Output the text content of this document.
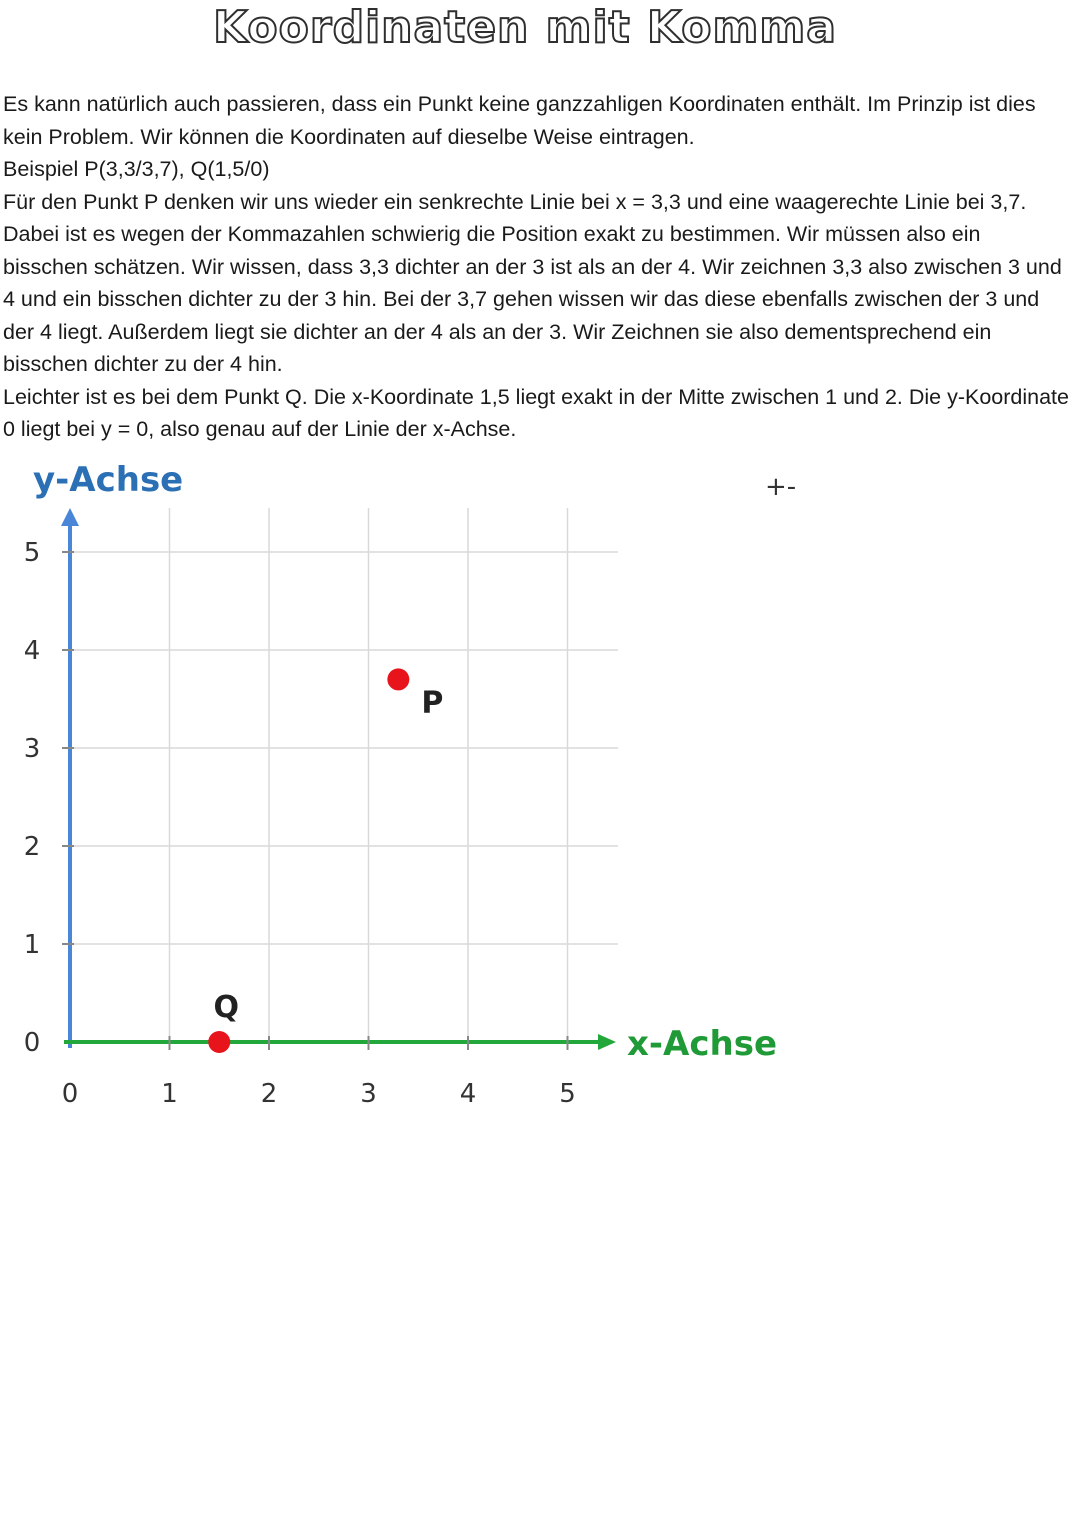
Koordinaten mit Komma

Es kann natürlich auch passieren, dass ein Punkt keine ganzzahligen Koordinaten enthält. Im Prinzip ist dies kein Problem. Wir können die Koordinaten auf dieselbe Weise eintragen.

Beispiel P(3,3/3,7), Q(1,5/0)

Für den Punkt P denken wir uns wieder ein senkrechte Linie bei x = 3,3 und eine waagerechte Linie bei 3,7. Dabei ist es wegen der Kommazahlen schwierig die Position exakt zu bestimmen. Wir müssen also ein bisschen schätzen. Wir wissen, dass 3,3 dichter an der 3 ist als an der 4. Wir zeichnen 3,3 also zwischen 3 und 4 und ein bisschen dichter zu der 3 hin. Bei der 3,7 gehen wissen wir das diese ebenfalls zwischen der 3 und der 4 liegt. Außerdem liegt sie dichter an der 4 als an der 3. Wir Zeichnen sie also dementsprechend ein bisschen dichter zu der 4 hin.

Leichter ist es bei dem Punkt Q. Die x-Koordinate 1,5 liegt exakt in der Mitte zwischen 1 und 2. Die y-Koordinate 0 liegt bei y = 0, also genau auf der Linie der x-Achse.

+-
y-Achse
x-Achse
0	1	2	3	4	5
0
1
2
3
4
5
P
Q
